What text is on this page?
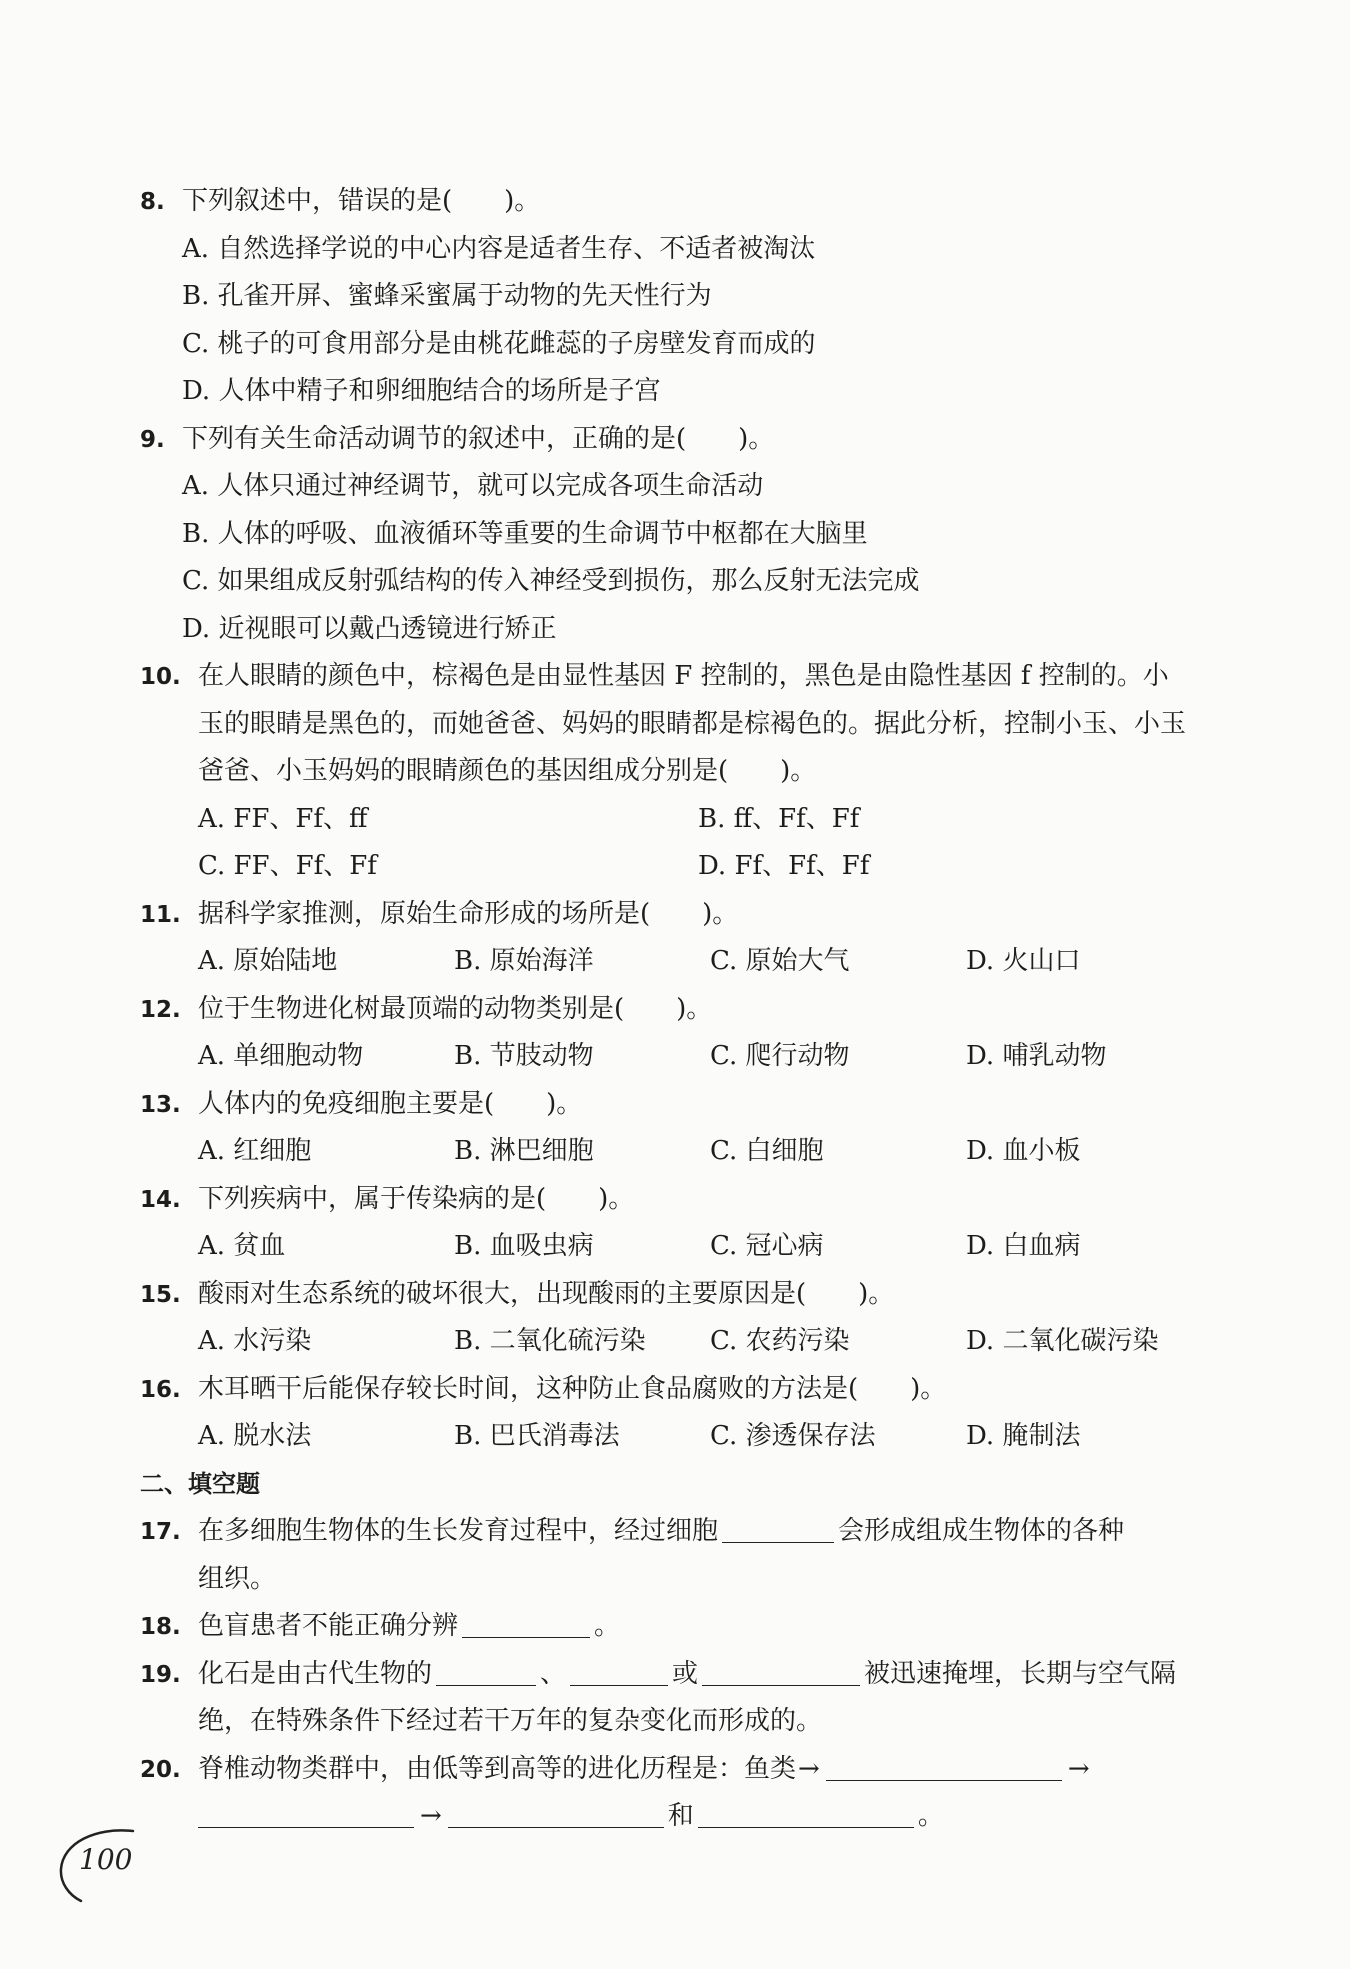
8. 下列叙述中，错误的是(　　)。
A. 自然选择学说的中心内容是适者生存、不适者被淘汰
B. 孔雀开屏、蜜蜂采蜜属于动物的先天性行为
C. 桃子的可食用部分是由桃花雌蕊的子房壁发育而成的
D. 人体中精子和卵细胞结合的场所是子宫
9. 下列有关生命活动调节的叙述中，正确的是(　　)。
A. 人体只通过神经调节，就可以完成各项生命活动
B. 人体的呼吸、血液循环等重要的生命调节中枢都在大脑里
C. 如果组成反射弧结构的传入神经受到损伤，那么反射无法完成
D. 近视眼可以戴凸透镜进行矫正
10. 在人眼睛的颜色中，棕褐色是由显性基因 F 控制的，黑色是由隐性基因 f 控制的。小
玉的眼睛是黑色的，而她爸爸、妈妈的眼睛都是棕褐色的。据此分析，控制小玉、小玉
爸爸、小玉妈妈的眼睛颜色的基因组成分别是(　　)。
A. FF、Ff、ff	B. ff、Ff、Ff
C. FF、Ff、Ff	D. Ff、Ff、Ff
11. 据科学家推测，原始生命形成的场所是(　　)。
A. 原始陆地	B. 原始海洋	C. 原始大气	D. 火山口
12. 位于生物进化树最顶端的动物类别是(　　)。
A. 单细胞动物	B. 节肢动物	C. 爬行动物	D. 哺乳动物
13. 人体内的免疫细胞主要是(　　)。
A. 红细胞	B. 淋巴细胞	C. 白细胞	D. 血小板
14. 下列疾病中，属于传染病的是(　　)。
A. 贫血	B. 血吸虫病	C. 冠心病	D. 白血病
15. 酸雨对生态系统的破坏很大，出现酸雨的主要原因是(　　)。
A. 水污染	B. 二氧化硫污染 C. 农药污染	D. 二氧化碳污染
16. 木耳晒干后能保存较长时间，这种防止食品腐败的方法是(　　)。
A. 脱水法	B. 巴氏消毒法	C. 渗透保存法	D. 腌制法
二、填空题
17. 在多细胞生物体的生长发育过程中，经过细胞	会形成组成生物体的各种
组织。
18. 色盲患者不能正确分辨	。
19. 化石是由古代生物的	、	或	被迅速掩埋，长期与空气隔
绝，在特殊条件下经过若干万年的复杂变化而形成的。
20. 脊椎动物类群中，由低等到高等的进化历程是：鱼类→	→
→	和	。
100
